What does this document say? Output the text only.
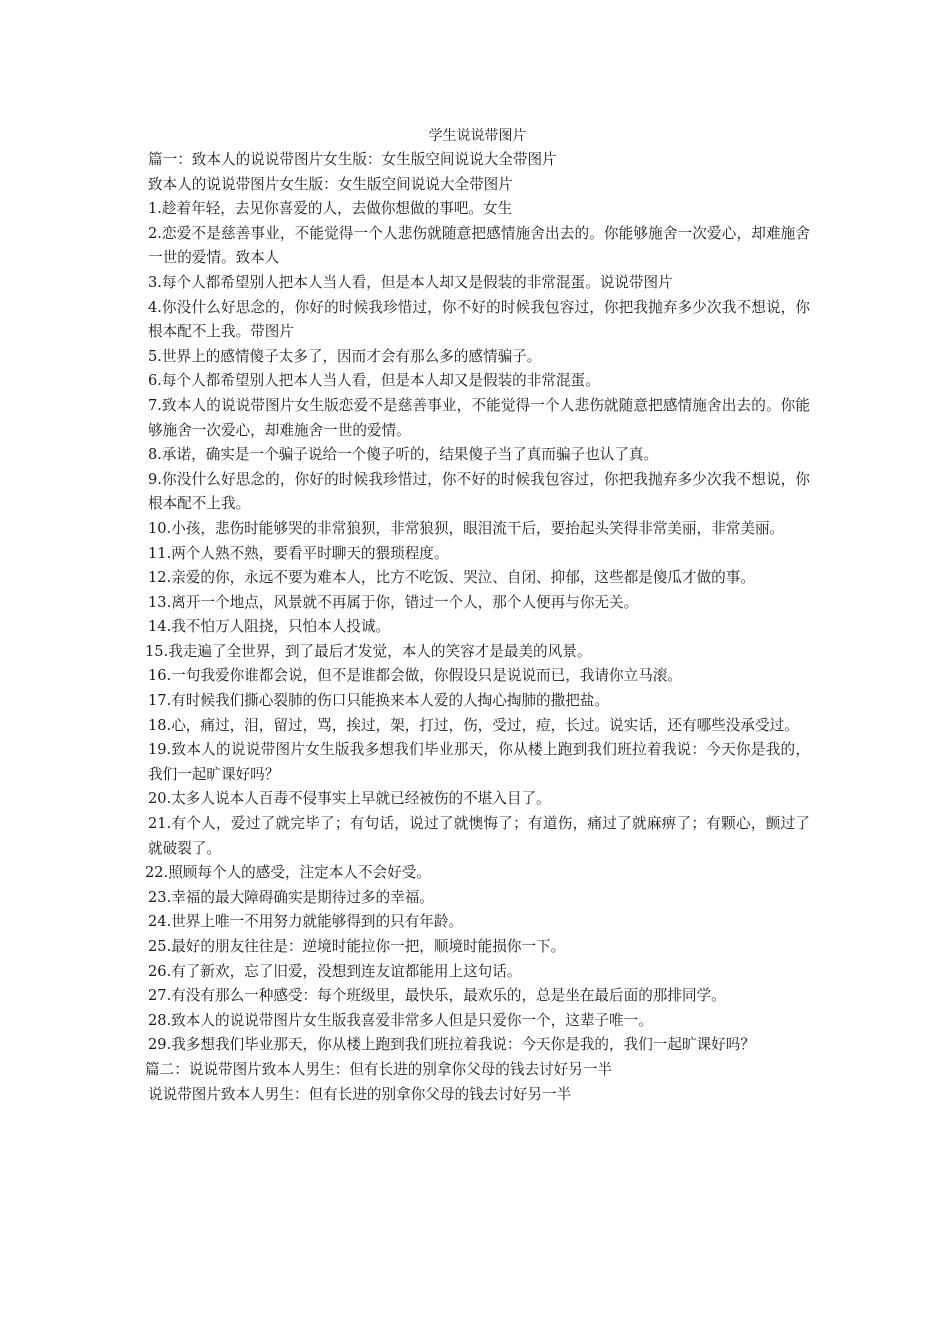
学生说说带图片

篇一：致本人的说说带图片女生版：女生版空间说说大全带图片

致本人的说说带图片女生版：女生版空间说说大全带图片

1.趁着年轻，去见你喜爱的人，去做你想做的事吧。女生

2.恋爱不是慈善事业，不能觉得一个人悲伤就随意把感情施舍出去的。你能够施舍一次爱心，却难施舍一世的爱情。致本人

3.每个人都希望别人把本人当人看，但是本人却又是假装的非常混蛋。说说带图片

4.你没什么好思念的，你好的时候我珍惜过，你不好的时候我包容过，你把我抛弃多少次我不想说，你根本配不上我。带图片

5.世界上的感情傻子太多了，因而才会有那么多的感情骗子。

6.每个人都希望别人把本人当人看，但是本人却又是假装的非常混蛋。

7.致本人的说说带图片女生版恋爱不是慈善事业，不能觉得一个人悲伤就随意把感情施舍出去的。你能够施舍一次爱心，却难施舍一世的爱情。

8.承诺，确实是一个骗子说给一个傻子听的，结果傻子当了真而骗子也认了真。

9.你没什么好思念的，你好的时候我珍惜过，你不好的时候我包容过，你把我抛弃多少次我不想说，你根本配不上我。

10.小孩，悲伤时能够哭的非常狼狈，非常狼狈，眼泪流干后，要抬起头笑得非常美丽，非常美丽。

11.两个人熟不熟，要看平时聊天的猥琐程度。

12.亲爱的你，永远不要为难本人，比方不吃饭、哭泣、自闭、抑郁，这些都是傻瓜才做的事。

13.离开一个地点，风景就不再属于你，错过一个人，那个人便再与你无关。

14.我不怕万人阻挠，只怕本人投诚。

15.我走遍了全世界，到了最后才发觉，本人的笑容才是最美的风景。

16.一句我爱你谁都会说，但不是谁都会做，你假设只是说说而已，我请你立马滚。

17.有时候我们撕心裂肺的伤口只能换来本人爱的人掏心掏肺的撒把盐。

18.心，痛过，泪，留过，骂，挨过，架，打过，伤，受过，痘，长过。说实话，还有哪些没承受过。

19.致本人的说说带图片女生版我多想我们毕业那天，你从楼上跑到我们班拉着我说：今天你是我的，我们一起旷课好吗？

20.太多人说本人百毒不侵事实上早就已经被伤的不堪入目了。

21.有个人，爱过了就完毕了；有句话，说过了就懊悔了；有道伤，痛过了就麻痹了；有颗心，颤过了就破裂了。

22.照顾每个人的感受，注定本人不会好受。

23.幸福的最大障碍确实是期待过多的幸福。

24.世界上唯一不用努力就能够得到的只有年龄。

25.最好的朋友往往是：逆境时能拉你一把，顺境时能损你一下。

26.有了新欢，忘了旧爱，没想到连友谊都能用上这句话。

27.有没有那么一种感受：每个班级里，最快乐，最欢乐的，总是坐在最后面的那排同学。

28.致本人的说说带图片女生版我喜爱非常多人但是只爱你一个，这辈子唯一。

29.我多想我们毕业那天，你从楼上跑到我们班拉着我说：今天你是我的，我们一起旷课好吗？

篇二：说说带图片致本人男生：但有长进的别拿你父母的钱去讨好另一半

说说带图片致本人男生：但有长进的别拿你父母的钱去讨好另一半
